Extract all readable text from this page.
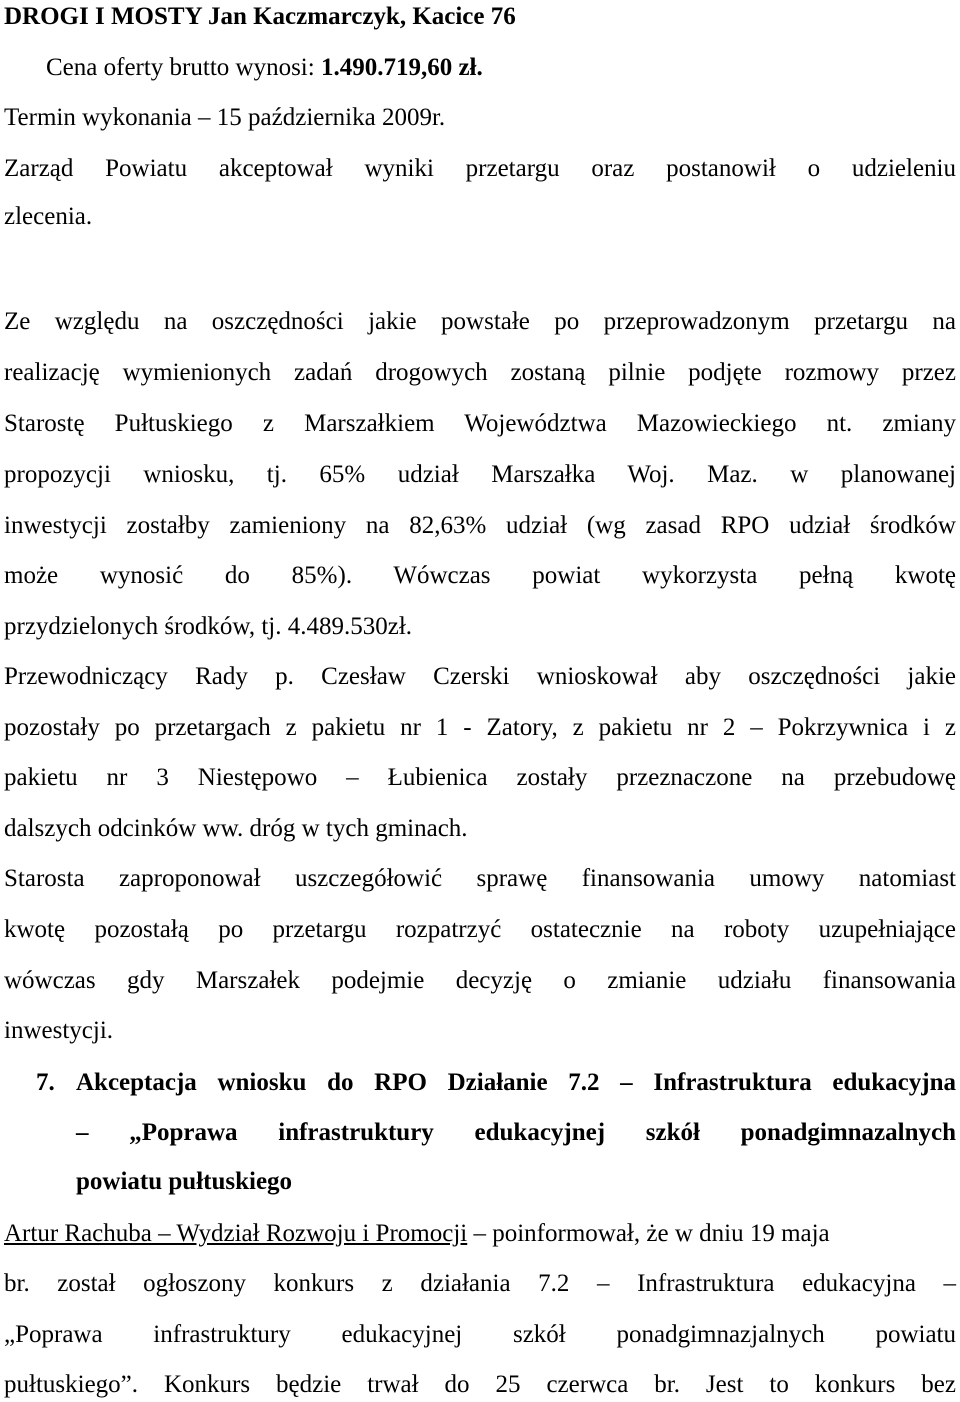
DROGI I MOSTY Jan Kaczmarczyk, Kacice 76
Cena oferty brutto wynosi: 1.490.719,60 zł.
Termin wykonania – 15 października 2009r.
Zarząd Powiatu akceptował wyniki przetargu oraz postanowił o udzieleniu
zlecenia.
Ze względu na oszczędności jakie powstałe po przeprowadzonym przetargu na
realizację wymienionych zadań drogowych zostaną pilnie podjęte rozmowy przez
Starostę Pułtuskiego z Marszałkiem Województwa Mazowieckiego nt. zmiany
propozycji wniosku, tj. 65% udział Marszałka Woj. Maz. w planowanej
inwestycji zostałby zamieniony na 82,63% udział (wg zasad RPO udział środków
może wynosić do 85%). Wówczas powiat wykorzysta pełną kwotę
przydzielonych środków, tj. 4.489.530zł.
Przewodniczący Rady p. Czesław Czerski wnioskował aby oszczędności jakie
pozostały po przetargach z pakietu nr 1 - Zatory, z pakietu nr 2 – Pokrzywnica i z
pakietu nr 3 Niestępowo – Łubienica zostały przeznaczone na przebudowę
dalszych odcinków ww. dróg w tych gminach.
Starosta zaproponował uszczegółowić sprawę finansowania umowy natomiast
kwotę pozostałą po przetargu rozpatrzyć ostatecznie na roboty uzupełniające
wówczas gdy Marszałek podejmie decyzję o zmianie udziału finansowania
inwestycji.
7. Akceptacja wniosku do RPO Działanie 7.2 – Infrastruktura edukacyjna
– „Poprawa infrastruktury edukacyjnej szkół ponadgimnazalnych
powiatu pułtuskiego
Artur Rachuba – Wydział Rozwoju i Promocji – poinformował, że w dniu 19 maja
br. został ogłoszony konkurs z działania 7.2 – Infrastruktura edukacyjna –
„Poprawa infrastruktury edukacyjnej szkół ponadgimnazjalnych powiatu
pułtuskiego”. Konkurs będzie trwał do 25 czerwca br. Jest to konkurs bez
